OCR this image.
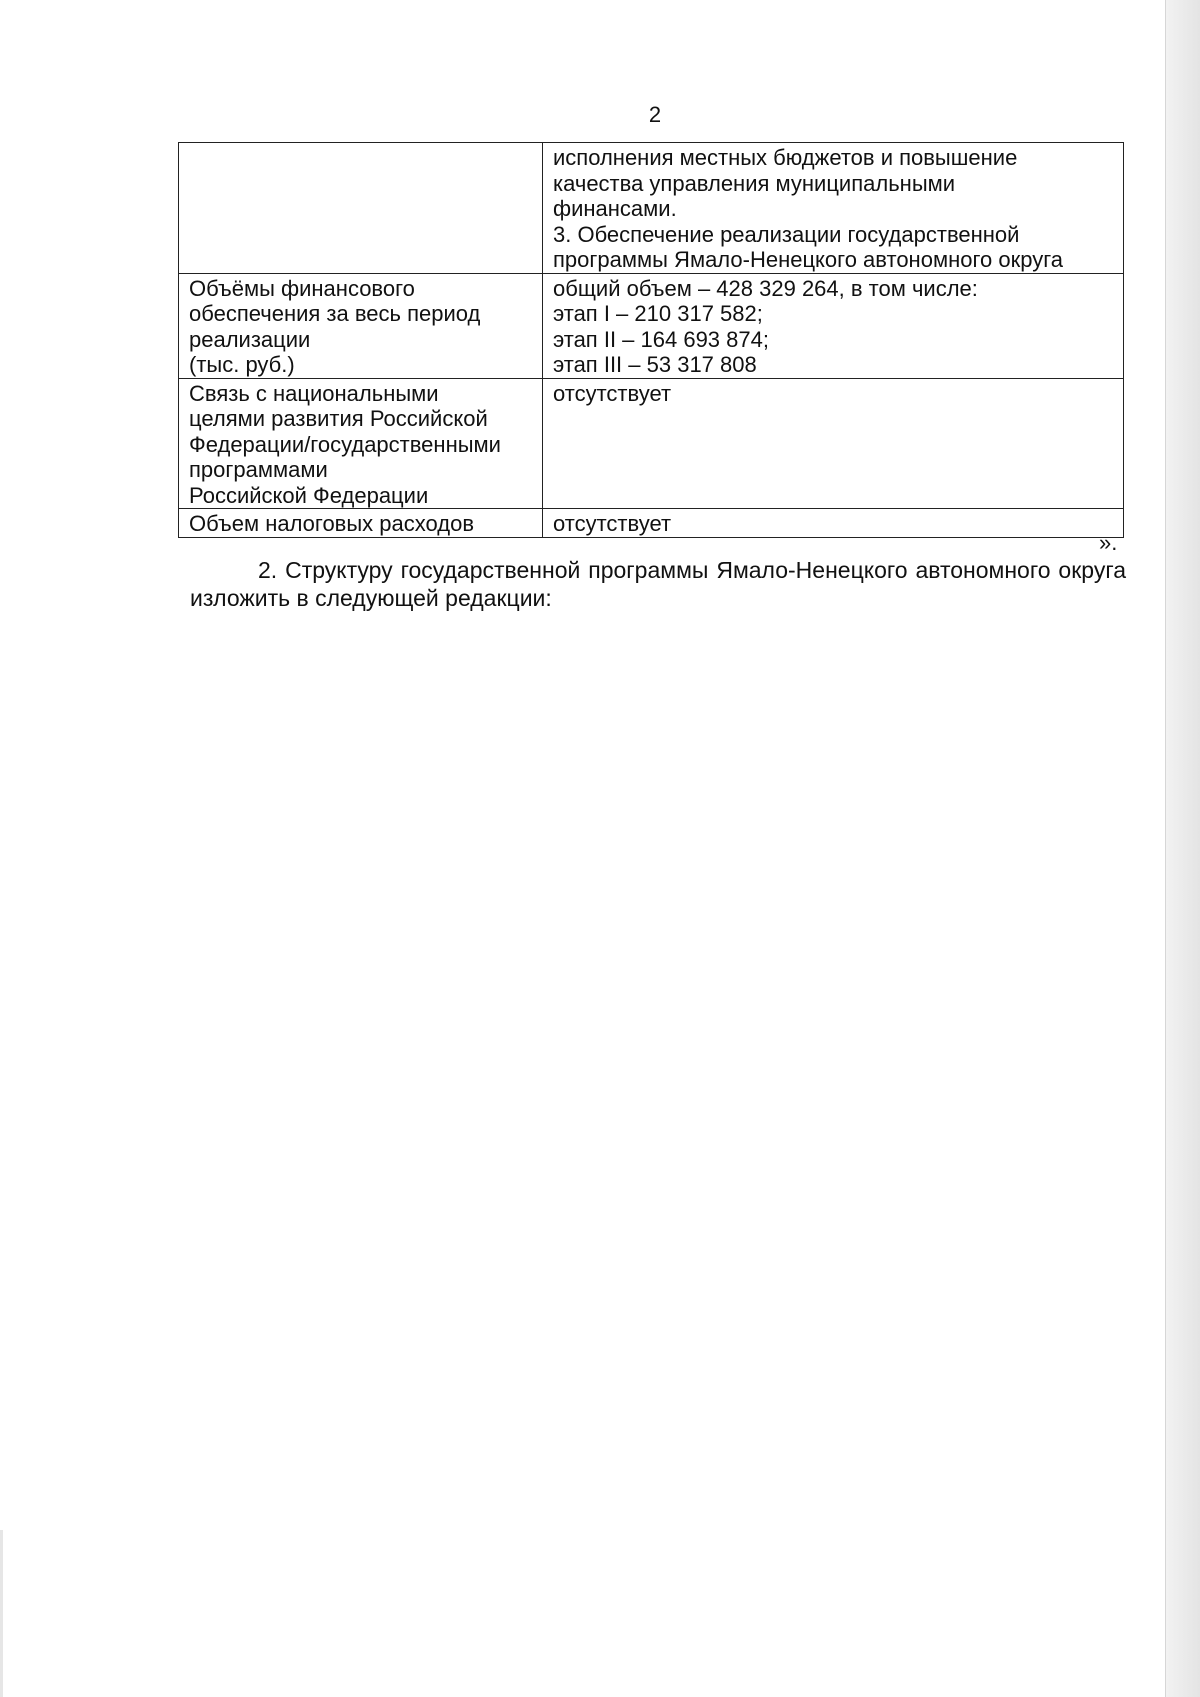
2

	исполнения местных бюджетов и повышение
качества управления муниципальными
финансами.
3. Обеспечение реализации государственной
программы Ямало-Ненецкого автономного округа

Объёмы финансового
обеспечения за весь период
реализации
(тыс. руб.)	общий объем – 428 329 264, в том числе:
этап I – 210 317 582;
этап II – 164 693 874;
этап III – 53 317 808

Связь с национальными
целями развития Российской
Федерации/государственными
программами
Российской Федерации	отсутствует

Объем налоговых расходов	отсутствует
».
2. Структуру государственной программы Ямало-Ненецкого автономного округа изложить в следующей редакции:
